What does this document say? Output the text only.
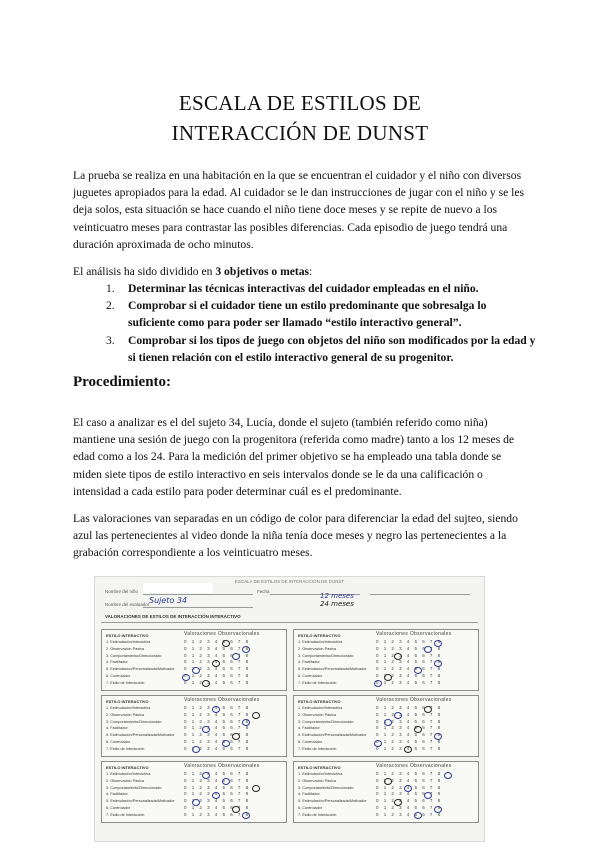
ESCALA DE ESTILOS DE
INTERACCIÓN DE DUNST

La prueba se realiza en una habitación en la que se encuentran el cuidador y el niño con diversos juguetes apropiados para la edad. Al cuidador se le dan instrucciones de jugar con el niño y se les deja solos, esta situación se hace cuando el niño tiene doce meses y se repite de nuevo a los veinticuatro meses para contrastar las posibles diferencias. Cada episodio de juego tendrá una duración aproximada de ocho minutos.

El análisis ha sido dividido en 3 objetivos o metas:

1. Determinar las técnicas interactivas del cuidador empleadas en el niño.
2. Comprobar si el cuidador tiene un estilo predominante que sobresalga lo suficiente como para poder ser llamado “estilo interactivo general”.
3. Comprobar si los tipos de juego con objetos del niño son modificados por la edad y si tienen relación con el estilo interactivo general de su progenitor.
Procedimiento:

El caso a analizar es el del sujeto 34, Lucía, donde el sujeto (también referido como niña) mantiene una sesión de juego con la progenitora (referida como madre) tanto a los 12 meses de edad como a los 24. Para la medición del primer objetivo se ha empleado una tabla donde se miden siete tipos de estilo interactivo en seis intervalos donde se le da una calificación o intensidad a cada estilo para poder determinar cuál es el predominante.

Las valoraciones van separadas en un código de color para diferenciar la edad del sujteo, siendo azul las pertenecientes al video donde la niña tenía doce meses y negro las pertenecientes a la grabación correspondiente a los veinticuatro meses.

ESCALA DE ESTILOS DE INTERACCIÓN DE DUNST
Nombre del niño	Fecha
Nombre del evaluador Sujeto 34	12 meses
24 meses
VALORACIONES DE ESTILOS DE INTERACCIÓN INTERACTIVO
Valoraciones Observacionales
ESTILO INTERACTIVO
1. Estimulación/Interactiva	012345678
2. Observación Pasiva	012345678
3. Comportamiento/Direccionado	012345678
4. Facilitador	012345678
5. Estimulación/Personalizada/Motivador 012345678
6. Controlador	012345678
7. Estilo de Interacción	012345678
Valoraciones Observacionales
ESTILO INTERACTIVO
1. Estimulación/Interactiva	012345678
2. Observación Pasiva	012345678
3. Comportamiento/Direccionado	012345678
4. Facilitador	012345678
5. Estimulación/Personalizada/Motivador 012345678
6. Controlador	012345678
7. Estilo de Interacción	012345678
Valoraciones Observacionales
ESTILO INTERACTIVO
1. Estimulación/Interactiva	012345678
2. Observación Pasiva	012345678
3. Comportamiento/Direccionado	012345678
4. Facilitador	012345678
5. Estimulación/Personalizada/Motivador 012345678
6. Controlador	012345678
7. Estilo de Interacción	012345678
Valoraciones Observacionales
ESTILO INTERACTIVO
1. Estimulación/Interactiva	012345678
2. Observación Pasiva	012345678
3. Comportamiento/Direccionado	012345678
4. Facilitador	012345678
5. Estimulación/Personalizada/Motivador 012345678
6. Controlador	012345678
7. Estilo de Interacción	012345678
Valoraciones Observacionales
ESTILO INTERACTIVO
1. Estimulación/Interactiva	012345678
2. Observación Pasiva	012345678
3. Comportamiento/Direccionado	012345678
4. Facilitador	012345678
5. Estimulación/Personalizada/Motivador 012345678
6. Controlador	012345678
7. Estilo de Interacción	012345678
Valoraciones Observacionales
ESTILO INTERACTIVO
1. Estimulación/Interactiva	012345678
2. Observación Pasiva	012345678
3. Comportamiento/Direccionado	012345678
4. Facilitador	012345678
5. Estimulación/Personalizada/Motivador 012345678
6. Controlador	012345678
7. Estilo de Interacción	012345678
